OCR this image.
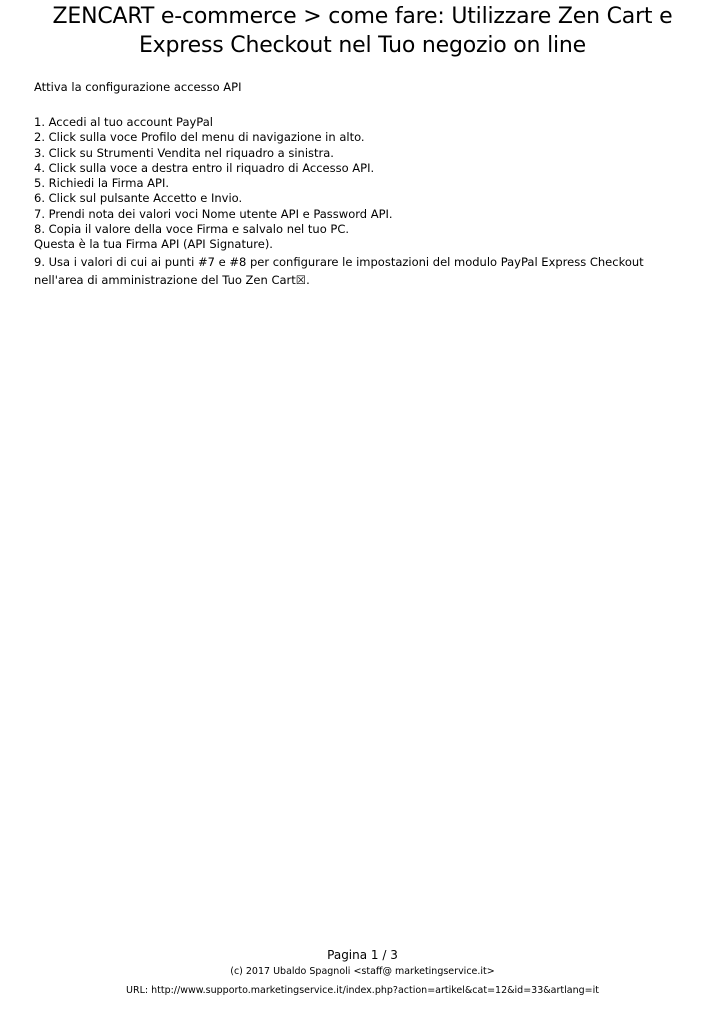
ZENCART e-commerce > come fare: Utilizzare Zen Cart e Express Checkout nel Tuo negozio on line

Attiva la configurazione accesso API

1. Accedi al tuo account PayPal
2. Click sulla voce Profilo del menu di navigazione in alto.
3. Click su Strumenti Vendita nel riquadro a sinistra.
4. Click sulla voce a destra entro il riquadro di Accesso API.
5. Richiedi la Firma API.
6. Click sul pulsante Accetto e Invio.
7. Prendi nota dei valori voci Nome utente API e Password API.
8. Copia il valore della voce Firma e salvalo nel tuo PC.
Questa è la tua Firma API (API Signature).
9. Usa i valori di cui ai punti #7 e #8 per configurare le impostazioni del modulo PayPal Express Checkout nell'area di amministrazione del Tuo Zen Cart☒.

Pagina 1 / 3

(c) 2017 Ubaldo Spagnoli <staff@ marketingservice.it>

URL: http://www.supporto.marketingservice.it/index.php?action=artikel&cat=12&id=33&artlang=it
